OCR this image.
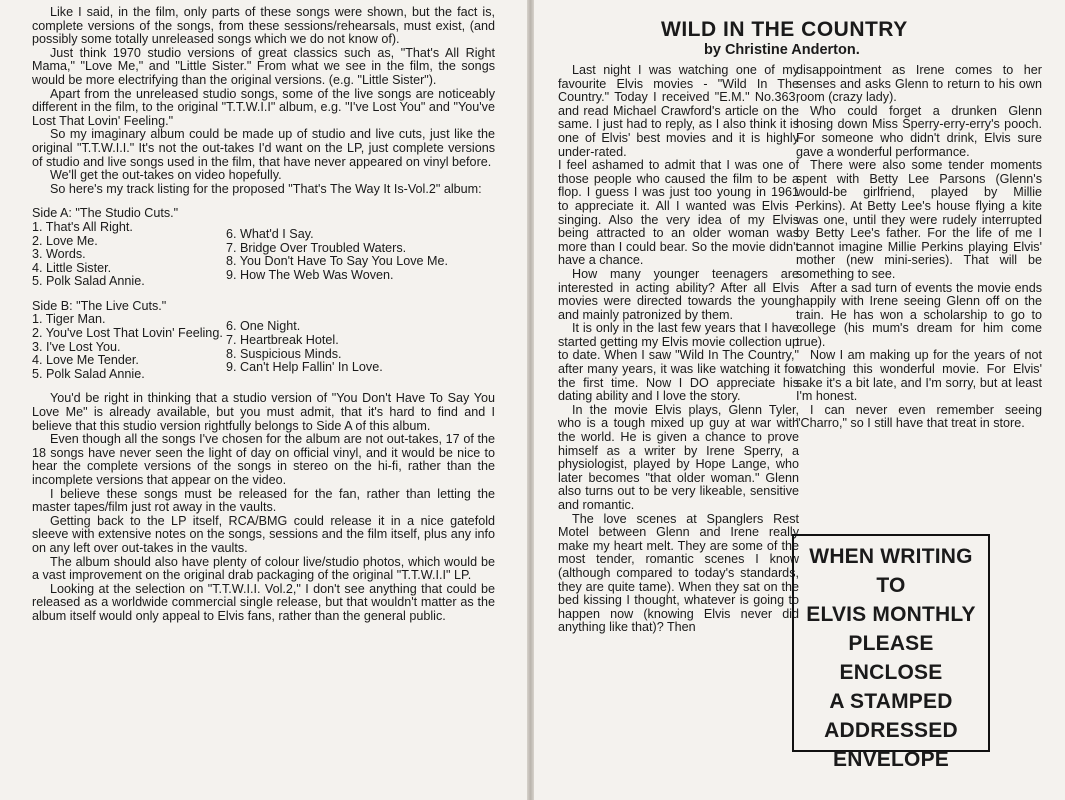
Like I said, in the film, only parts of these songs were shown, but the fact is, complete versions of the songs, from these sessions/rehearsals, must exist, (and possibly some totally unreleased songs which we do not know of).

Just think 1970 studio versions of great classics such as, "That's All Right Mama," "Love Me," and "Little Sister." From what we see in the film, the songs would be more electrifying than the original versions. (e.g. "Little Sister").

Apart from the unreleased studio songs, some of the live songs are noticeably different in the film, to the original "T.T.W.I.I" album, e.g. "I've Lost You" and "You've Lost That Lovin' Feeling."

So my imaginary album could be made up of studio and live cuts, just like the original "T.T.W.I.I." It's not the out-takes I'd want on the LP, just complete versions of studio and live songs used in the film, that have never appeared on vinyl before.

We'll get the out-takes on video hopefully.

So here's my track listing for the proposed "That's The Way It Is-Vol.2" album:

Side A: "The Studio Cuts."

1. That's All Right.
2. Love Me.
3. Words.
4. Little Sister.
5. Polk Salad Annie.
6. What'd I Say.
7. Bridge Over Troubled Waters.
8. You Don't Have To Say You Love Me.
9. How The Web Was Woven.

Side B: "The Live Cuts."

1. Tiger Man.
2. You've Lost That Lovin' Feeling.
3. I've Lost You.
4. Love Me Tender.
5. Polk Salad Annie.
6. One Night.
7. Heartbreak Hotel.
8. Suspicious Minds.
9. Can't Help Fallin' In Love.

You'd be right in thinking that a studio version of "You Don't Have To Say You Love Me" is already available, but you must admit, that it's hard to find and I believe that this studio version rightfully belongs to Side A of this album.

Even though all the songs I've chosen for the album are not out-takes, 17 of the 18 songs have never seen the light of day on official vinyl, and it would be nice to hear the complete versions of the songs in stereo on the hi-fi, rather than the incomplete versions that appear on the video.

I believe these songs must be released for the fan, rather than letting the master tapes/film just rot away in the vaults.

Getting back to the LP itself, RCA/BMG could release it in a nice gatefold sleeve with extensive notes on the songs, sessions and the film itself, plus any info on any left over out-takes in the vaults.

The album should also have plenty of colour live/studio photos, which would be a vast improvement on the original drab packaging of the original "T.T.W.I.I" LP.

Looking at the selection on "T.T.W.I.I. Vol.2," I don't see anything that could be released as a worldwide commercial single release, but that wouldn't matter as the album itself would only appeal to Elvis fans, rather than the general public.

WILD IN THE COUNTRY
by Christine Anderton.

Last night I was watching one of my favourite Elvis movies - "Wild In The Country." Today I received "E.M." No.363, and read Michael Crawford's article on the same. I just had to reply, as I also think it is one of Elvis' best movies and it is highly under-rated.

I feel ashamed to admit that I was one of those people who caused the film to be a flop. I guess I was just too young in 1961 to appreciate it. All I wanted was Elvis - singing. Also the very idea of my Elvis being attracted to an older woman was more than I could bear. So the movie didn't have a chance.

How many younger teenagers are interested in acting ability? After all Elvis movies were directed towards the young, and mainly patronized by them.

It is only in the last few years that I have started getting my Elvis movie collection up to date. When I saw "Wild In The Country," after many years, it was like watching it for the first time. Now I DO appreciate his dating ability and I love the story.

In the movie Elvis plays, Glenn Tyler, who is a tough mixed up guy at war with the world. He is given a chance to prove himself as a writer by Irene Sperry, a physiologist, played by Hope Lange, who later becomes "that older woman." Glenn also turns out to be very likeable, sensitive and romantic.

The love scenes at Spanglers Rest Motel between Glenn and Irene really make my heart melt. They are some of the most tender, romantic scenes I know (although compared to today's standards, they are quite tame). When they sat on the bed kissing I thought, whatever is going to happen now (knowing Elvis never did anything like that)? Then

disappointment as Irene comes to her senses and asks Glenn to return to his own room (crazy lady).

Who could forget a drunken Glenn hosing down Miss Sperry-erry-erry's pooch. For someone who didn't drink, Elvis sure gave a wonderful performance.

There were also some tender moments spent with Betty Lee Parsons (Glenn's would-be girlfriend, played by Millie Perkins). At Betty Lee's house flying a kite was one, until they were rudely interrupted by Betty Lee's father. For the life of me I cannot imagine Millie Perkins playing Elvis' mother (new mini-series). That will be something to see.

After a sad turn of events the movie ends happily with Irene seeing Glenn off on the train. He has won a scholarship to go to college (his mum's dream for him come true).

Now I am making up for the years of not watching this wonderful movie. For Elvis' sake it's a bit late, and I'm sorry, but at least I'm honest.

I can never even remember seeing "Charro," so I still have that treat in store.

WHEN WRITING
TO
ELVIS MONTHLY
PLEASE ENCLOSE
A STAMPED
ADDRESSED
ENVELOPE
